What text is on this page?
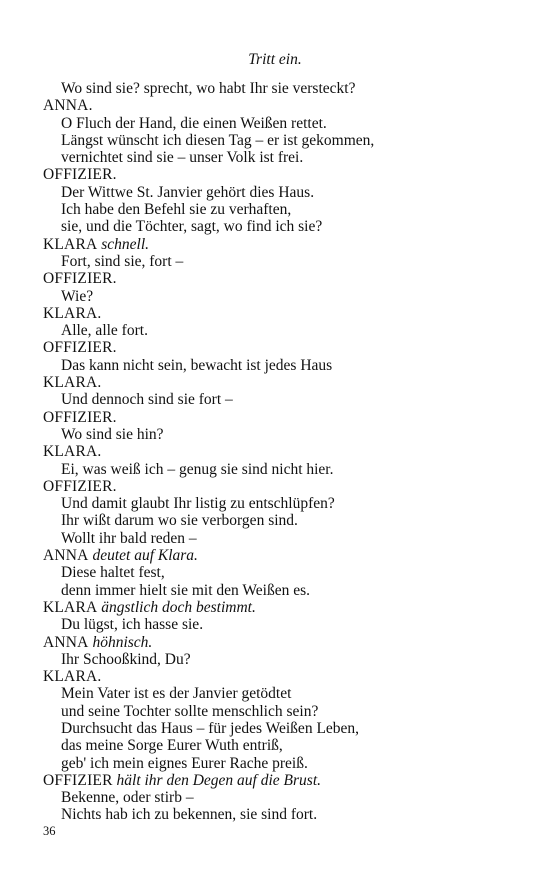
Tritt ein.
Wo sind sie? sprecht, wo habt Ihr sie versteckt?
ANNA.
O Fluch der Hand, die einen Weißen rettet.
Längst wünscht ich diesen Tag – er ist gekommen,
vernichtet sind sie – unser Volk ist frei.
OFFIZIER.
Der Wittwe St. Janvier gehört dies Haus.
Ich habe den Befehl sie zu verhaften,
sie, und die Töchter, sagt, wo find ich sie?
KLARA schnell.
Fort, sind sie, fort –
OFFIZIER.
Wie?
KLARA.
Alle, alle fort.
OFFIZIER.
Das kann nicht sein, bewacht ist jedes Haus
KLARA.
Und dennoch sind sie fort –
OFFIZIER.
Wo sind sie hin?
KLARA.
Ei, was weiß ich – genug sie sind nicht hier.
OFFIZIER.
Und damit glaubt Ihr listig zu entschlüpfen?
Ihr wißt darum wo sie verborgen sind.
Wollt ihr bald reden –
ANNA deutet auf Klara.
Diese haltet fest,
denn immer hielt sie mit den Weißen es.
KLARA ängstlich doch bestimmt.
Du lügst, ich hasse sie.
ANNA höhnisch.
Ihr Schooßkind, Du?
KLARA.
Mein Vater ist es der Janvier getödtet
und seine Tochter sollte menschlich sein?
Durchsucht das Haus – für jedes Weißen Leben,
das meine Sorge Eurer Wuth entriß,
geb' ich mein eignes Eurer Rache preiß.
OFFIZIER hält ihr den Degen auf die Brust.
Bekenne, oder stirb –
Nichts hab ich zu bekennen, sie sind fort.
36
